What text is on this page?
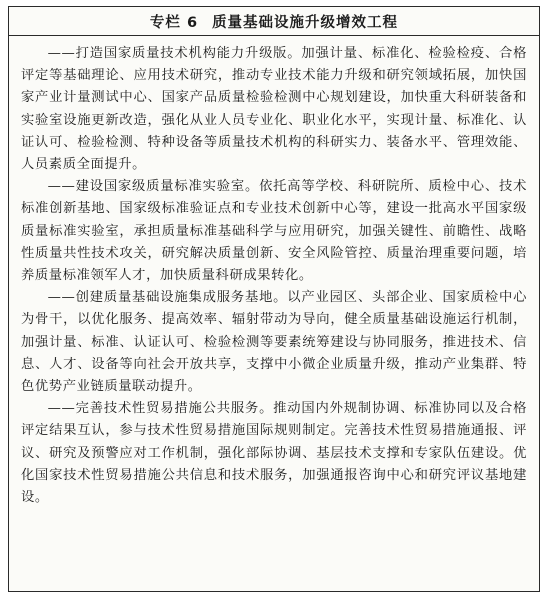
专栏 6 质量基础设施升级增效工程

——打造国家质量技术机构能力升级版。加强计量、标准化、检验检疫、合格评定等基础理论、应用技术研究，推动专业技术能力升级和研究领域拓展，加快国家产业计量测试中心、国家产品质量检验检测中心规划建设，加快重大科研装备和实验室设施更新改造，强化从业人员专业化、职业化水平，实现计量、标准化、认证认可、检验检测、特种设备等质量技术机构的科研实力、装备水平、管理效能、人员素质全面提升。

——建设国家级质量标准实验室。依托高等学校、科研院所、质检中心、技术标准创新基地、国家级标准验证点和专业技术创新中心等，建设一批高水平国家级质量标准实验室，承担质量标准基础科学与应用研究，加强关键性、前瞻性、战略性质量共性技术攻关，研究解决质量创新、安全风险管控、质量治理重要问题，培养质量标准领军人才，加快质量科研成果转化。

——创建质量基础设施集成服务基地。以产业园区、头部企业、国家质检中心为骨干，以优化服务、提高效率、辐射带动为导向，健全质量基础设施运行机制，加强计量、标准、认证认可、检验检测等要素统筹建设与协同服务，推进技术、信息、人才、设备等向社会开放共享，支撑中小微企业质量升级，推动产业集群、特色优势产业链质量联动提升。

——完善技术性贸易措施公共服务。推动国内外规制协调、标准协同以及合格评定结果互认，参与技术性贸易措施国际规则制定。完善技术性贸易措施通报、评议、研究及预警应对工作机制，强化部际协调、基层技术支撑和专家队伍建设。优化国家技术性贸易措施公共信息和技术服务，加强通报咨询中心和研究评议基地建设。
